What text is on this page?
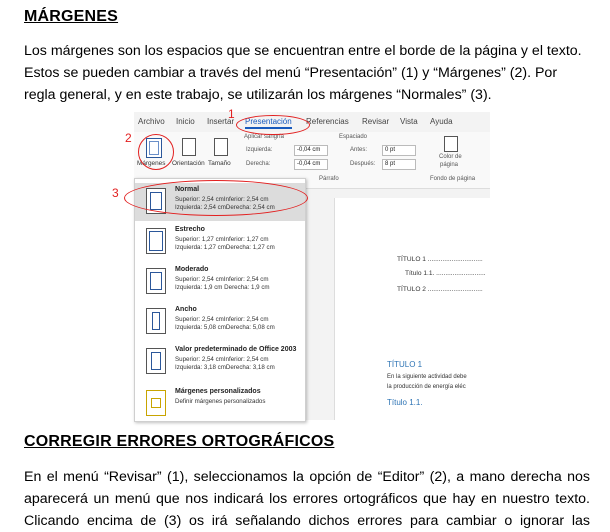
MÁRGENES
Los márgenes son los espacios que se encuentran entre el borde de la página y el texto.
Estos se pueden cambiar a través del menú “Presentación” (1) y “Márgenes” (2). Por
regla general, y en este trabajo, se utilizarán los márgenes “Normales” (3).
Archivo Inicio Insertar Presentación Referencias Revisar Vista Ayuda
Márgenes Orientación Tamaño
Aplicar sangría
Izquierda:	-0,04 cm
Derecha:	-0,04 cm
Espaciado
Antes:	0 pt
Después:	8 pt
Párrafo
Color de
página
Fondo de página
TÍTULO 1 ..............................
Título 1.1. ...........................
TÍTULO 2 ..............................
TÍTULO 1
En la siguiente actividad debe
la producción de energía eléc
Título 1.1.
Normal
Superior: 2,54 cmInferior: 2,54 cm
Izquierda: 2,54 cmDerecha: 2,54 cm
Estrecho
Superior: 1,27 cmInferior: 1,27 cm
Izquierda: 1,27 cmDerecha: 1,27 cm
Moderado
Superior: 2,54 cmInferior: 2,54 cm
Izquierda: 1,9 cm Derecha: 1,9 cm
Ancho
Superior: 2,54 cmInferior: 2,54 cm
Izquierda: 5,08 cmDerecha: 5,08 cm
Valor predeterminado de Office 2003
Superior: 2,54 cmInferior: 2,54 cm
Izquierda: 3,18 cmDerecha: 3,18 cm
Márgenes personalizados
Definir márgenes personalizados
1
2
3
CORREGIR ERRORES ORTOGRÁFICOS
En el menú “Revisar” (1), seleccionamos la opción de “Editor” (2), a mano derecha nos
aparecerá un menú que nos indicará los errores ortográficos que hay en nuestro texto.
Clicando encima de (3) os irá señalando dichos errores para cambiar o ignorar las
